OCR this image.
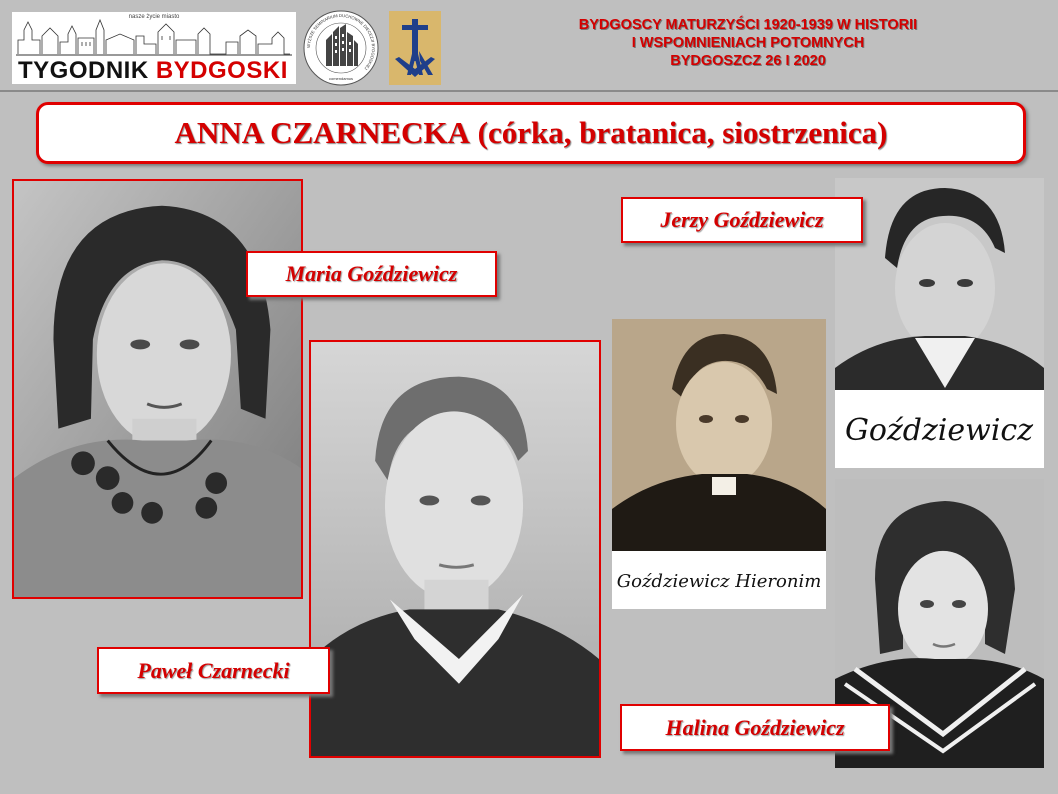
nasze życie miasto
TYGODNIK BYDGOSKI
WYŻSZE SEMINARIUM DUCHOWNE DIECEZJI BYDGOSKIEJ
comendamus
BYDGOSCY MATURZYŚCI 1920-1939 W HISTORII
I WSPOMNIENIACH POTOMNYCH
BYDGOSZCZ 26 I 2020
ANNA CZARNECKA (córka, bratanica, siostrzenica)
Goździewicz Hieronim
Goździewicz
Maria Goździewicz
Paweł Czarnecki
Jerzy Goździewicz
Halina Goździewicz
